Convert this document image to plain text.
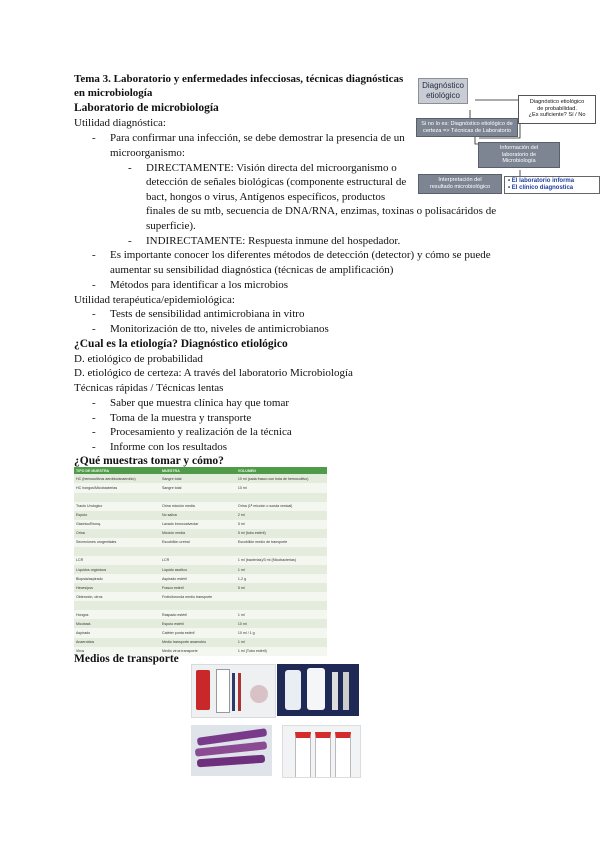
Tema 3. Laboratorio y enfermedades infecciosas, técnicas diagnósticas
en microbiología
Laboratorio de microbiología
Utilidad diagnóstica:
- Para confirmar una infección, se debe demostrar la presencia de un
microorganismo:
- DIRECTAMENTE: Visión directa del microorganismo o
detección de señales biológicas (componente estructural de
bact, hongos o virus, Antígenos específicos, productos
finales de su mtb, secuencia de DNA/RNA, enzimas, toxinas o polisacáridos de
superficie).
- INDIRECTAMENTE: Respuesta inmune del hospedador.
- Es importante conocer los diferentes métodos de detección (detector) y cómo se puede
aumentar su sensibilidad diagnóstica (técnicas de amplificación)
- Métodos para identificar a los microbios
Utilidad terapéutica/epidemiológica:
- Tests de sensibilidad antimicrobiana in vitro
- Monitorización de tto, niveles de antimicrobianos
¿Cual es la etiología? Diagnóstico etiológico
D. etiológico de probabilidad
D. etiológico de certeza: A través del laboratorio Microbiología
Técnicas rápidas / Técnicas lentas
- Saber que muestra clínica hay que tomar
- Toma de la muestra y transporte
- Procesamiento y realización de la técnica
- Informe con los resultados
¿Qué muestras tomar y cómo?
Diagnóstico
etiológico
Diagnóstico etiológico
de probabilidad.
¿Es suficiente? Sí / No
Si no lo es: Diagnóstico etiológico de
certeza => Técnicas de Laboratorio
Información del
laboratorio de
Microbiología
Interpretación del
resultado microbiológico
• El laboratorio informa
• El clínico diagnostica
TIPO DE MUESTRA	MUESTRA	VOLUMEN
HC (hemocultivos aerobio/anaerobio)	Sangre total	10 ml (cada frasco con bola de hemocultivo)
HC hongos/Micobacterias	Sangre total	10 ml

Tracto Urologico	Orina micción media	Orina (1ª micción o sonda vesical)
Esputo	No saliva	2 ml
Gástrico/Bronq.	Lavado broncoalveolar	5 ml
Orina	Micción media	5 ml (tubo estéril)
Secreciones urogenitales	Escobillón uretral	Escobillón medio de transporte

LCR	LCR	1 ml (bacterias)/3 ml (Micobacterias)
Líquidos orgánicos	Líquido ascítico	1 ml
Biopsia/aspirado	Aspirado estéril	1-2 g
Heces/pus	Frasco estéril	5 ml
Obtención, otros	Frotis/torunda medio transporte	

Hongos	Raspado estéril	1 ml
Micobact.	Esputo estéril	10 ml
Aspirado	Catéter punta estéril	10 ml / 1 g
Anaerobios	Medio transporte anaerobio	1 ml
Virus	Medio virus transporte	1 ml (Tubo estéril)
Medios de transporte
